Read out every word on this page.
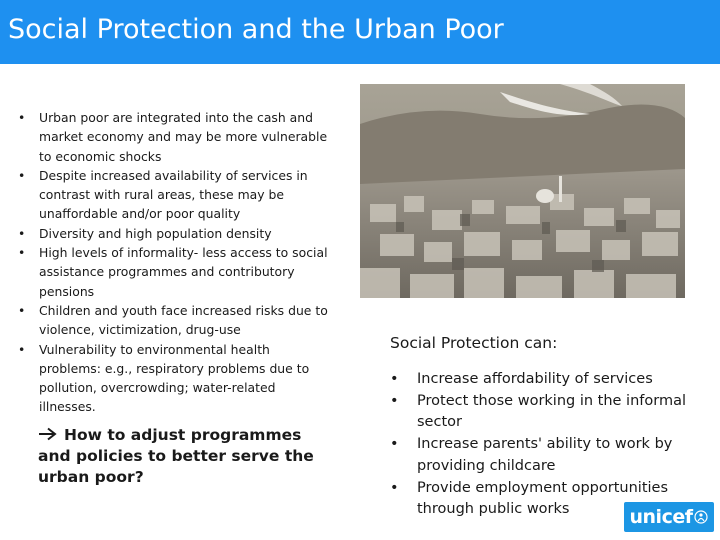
Social Protection and the Urban Poor
• Urban poor are integrated into the cash and market economy and may be more vulnerable to economic shocks
• Despite increased availability of services in contrast with rural areas, these may be unaffordable and/or poor quality
• Diversity and high population density
• High levels of informality- less access to social assistance programmes and contributory pensions
• Children and youth face increased risks due to violence, victimization, drug-use
• Vulnerability to environmental health problems: e.g., respiratory problems due to pollution, overcrowding; water-related illnesses.
How to adjust programmes and policies to better serve the urban poor?
Social Protection can:
• Increase affordability of services
• Protect those working in the informal sector
• Increase parents' ability to work by providing childcare
• Provide employment opportunities through public works	unicef
